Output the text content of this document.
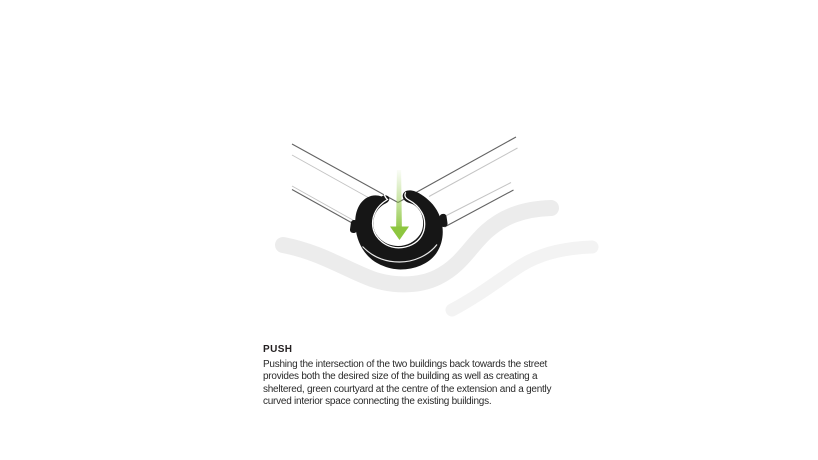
PUSH
Pushing the intersection of the two buildings back towards the street
provides both the desired size of the building as well as creating a
sheltered, green courtyard at the centre of the extension and a gently
curved interior space connecting the existing buildings.
